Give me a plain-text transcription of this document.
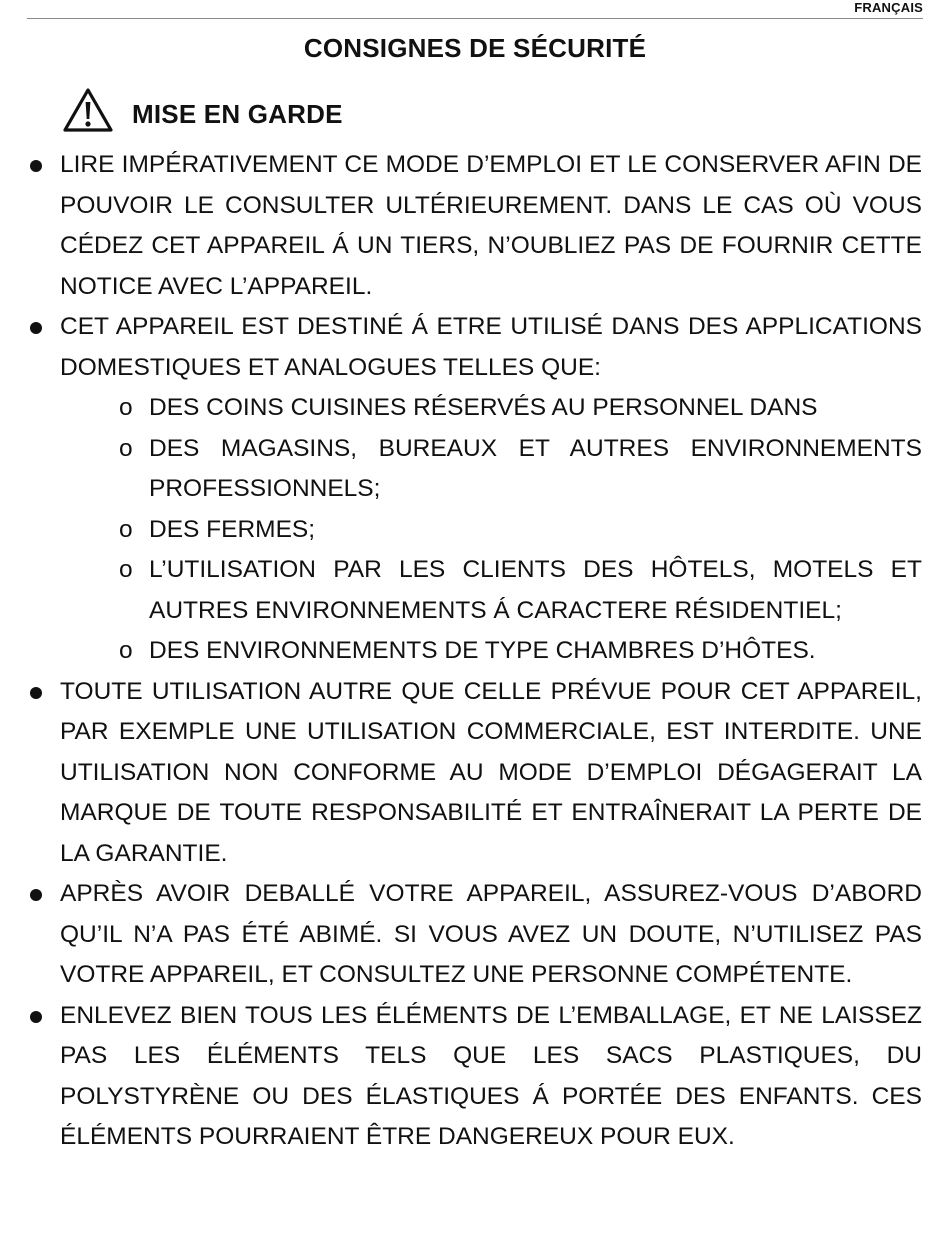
FRANÇAIS
CONSIGNES DE SÉCURITÉ
MISE EN GARDE
LIRE IMPÉRATIVEMENT CE MODE D’EMPLOI ET LE CONSERVER AFIN DE POUVOIR LE CONSULTER ULTÉRIEUREMENT. DANS LE CAS OÙ VOUS CÉDEZ CET APPAREIL Á UN TIERS, N’OUBLIEZ PAS DE FOURNIR CETTE NOTICE AVEC L’APPAREIL.
CET APPAREIL EST DESTINÉ Á ETRE UTILISÉ DANS DES APPLICATIONS DOMESTIQUES ET ANALOGUES TELLES QUE:
o DES COINS CUISINES RÉSERVÉS AU PERSONNEL DANS
o DES MAGASINS, BUREAUX ET AUTRES ENVIRONNEMENTS PROFESSIONNELS;
o DES FERMES;
o L’UTILISATION PAR LES CLIENTS DES HÔTELS, MOTELS ET AUTRES ENVIRONNEMENTS Á CARACTERE RÉSIDENTIEL;
o DES ENVIRONNEMENTS DE TYPE CHAMBRES D’HÔTES.
TOUTE UTILISATION AUTRE QUE CELLE PRÉVUE POUR CET APPAREIL, PAR EXEMPLE UNE UTILISATION COMMERCIALE, EST INTERDITE. UNE UTILISATION NON CONFORME AU MODE D’EMPLOI DÉGAGERAIT LA MARQUE DE TOUTE RESPONSABILITÉ ET ENTRAÎNERAIT LA PERTE DE LA GARANTIE.
APRÈS AVOIR DEBALLÉ VOTRE APPAREIL, ASSUREZ-VOUS D’ABORD QU’IL N’A PAS ÉTÉ ABIMÉ. SI VOUS AVEZ UN DOUTE, N’UTILISEZ PAS VOTRE APPAREIL, ET CONSULTEZ UNE PERSONNE COMPÉTENTE.
ENLEVEZ BIEN TOUS LES ÉLÉMENTS DE L’EMBALLAGE, ET NE LAISSEZ PAS LES ÉLÉMENTS TELS QUE LES SACS PLASTIQUES, DU POLYSTYRÈNE OU DES ÉLASTIQUES Á PORTÉE DES ENFANTS. CES ÉLÉMENTS POURRAIENT ÊTRE DANGEREUX POUR EUX.
